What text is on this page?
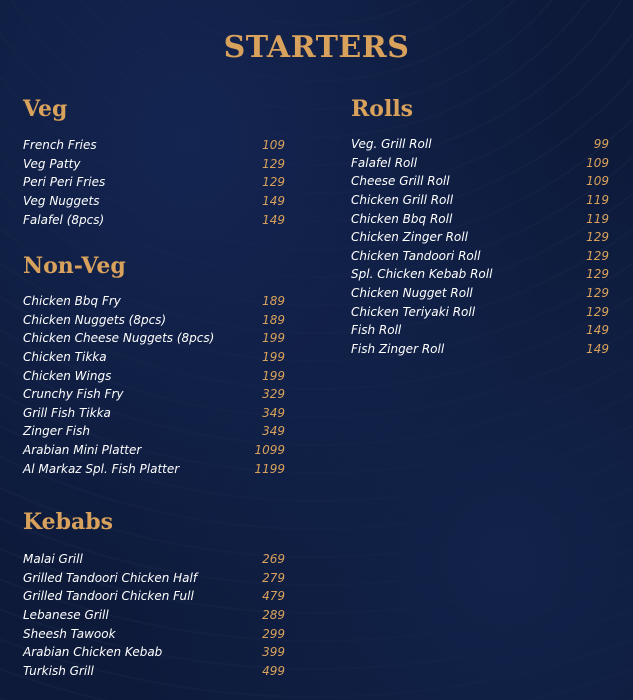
STARTERS
Veg
French Fries	109
Veg Patty	129
Peri Peri Fries	129
Veg Nuggets	149
Falafel (8pcs)	149
Non-Veg
Chicken Bbq Fry	189
Chicken Nuggets (8pcs)	189
Chicken Cheese Nuggets (8pcs)	199
Chicken Tikka	199
Chicken Wings	199
Crunchy Fish Fry	329
Grill Fish Tikka	349
Zinger Fish	349
Arabian Mini Platter	1099
Al Markaz Spl. Fish Platter	1199
Kebabs
Malai Grill	269
Grilled Tandoori Chicken Half	279
Grilled Tandoori Chicken Full	479
Lebanese Grill	289
Sheesh Tawook	299
Arabian Chicken Kebab	399
Turkish Grill	499
Rolls
Veg. Grill Roll	99
Falafel Roll	109
Cheese Grill Roll	109
Chicken Grill Roll	119
Chicken Bbq Roll	119
Chicken Zinger Roll	129
Chicken Tandoori Roll	129
Spl. Chicken Kebab Roll	129
Chicken Nugget Roll	129
Chicken Teriyaki Roll	129
Fish Roll	149
Fish Zinger Roll	149
